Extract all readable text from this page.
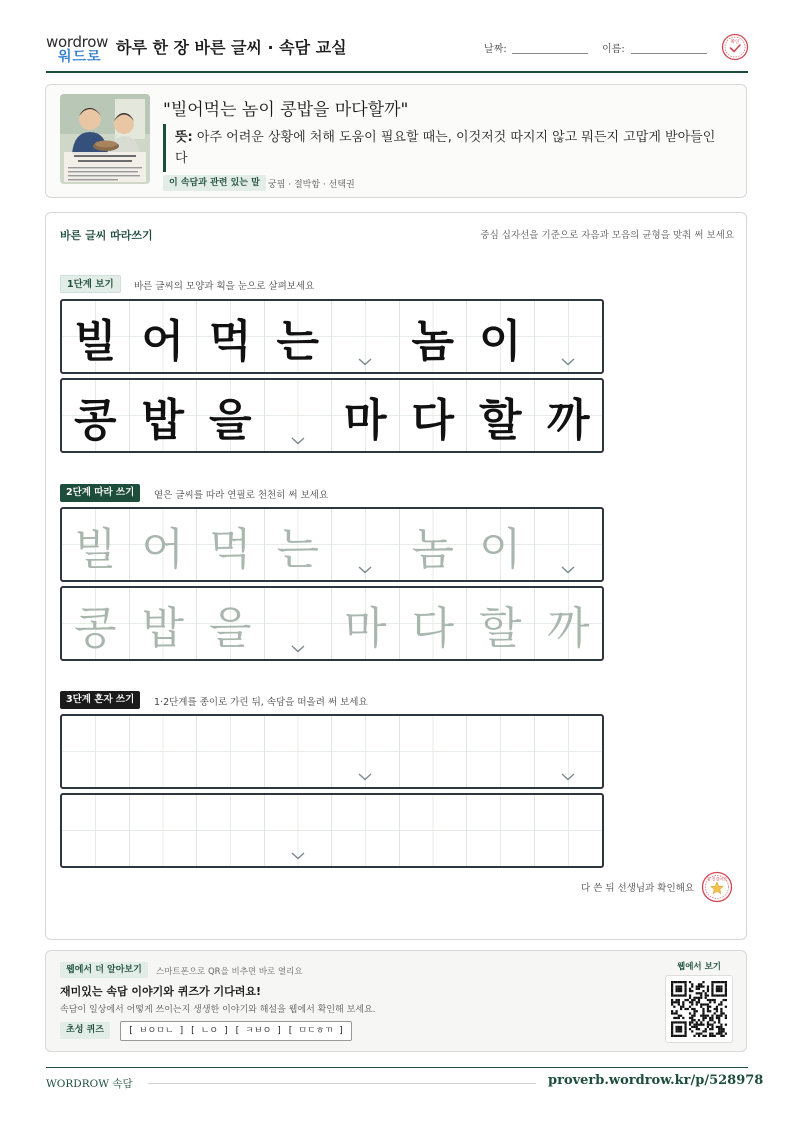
wordrow
워드로 하루 한 장 바른 글씨 · 속담 교실	날짜:	이름:
확인
"빌어먹는 놈이 콩밥을 마다할까"
뜻: 아주 어려운 상황에 처해 도움이 필요할 때는, 이것저것 따지지 않고 뭐든지 고맙게 받아들인다
이 속담과 관련 있는 말 궁핍 · 절박함 · 선택권
바른 글씨 따라쓰기	중심 십자선을 기준으로 자음과 모음의 균형을 맞춰 써 보세요
1단계 보기	바른 글씨의 모양과 획을 눈으로 살펴보세요
빌 어 먹 는 놈 이
콩 밥 을 마 다 할 까
2단계 따라 쓰기	옅은 글씨를 따라 연필로 천천히 써 보세요
빌 어 먹 는 놈 이
콩 밥 을 마 다 할 까
3단계 혼자 쓰기	1·2단계를 종이로 가린 뒤, 속담을 떠올려 써 보세요
다 쓴 뒤 선생님과 확인해요
참 잘했어요
웹에서 더 알아보기	스마트폰으로 QR을 비추면 바로 열리요
재미있는 속담 이야기와 퀴즈가 기다려요!
속담이 일상에서 어떻게 쓰이는지 생생한 이야기와 해설을 웹에서 확인해 보세요.
초성 퀴즈	[ ㅂㅇㅁㄴ ] [ ㄴㅇ ] [ ㅋㅂㅇ ] [ ㅁㄷㅎㄲ ]
웹에서 보기
WORDROW 속담	proverb.wordrow.kr/p/528978
